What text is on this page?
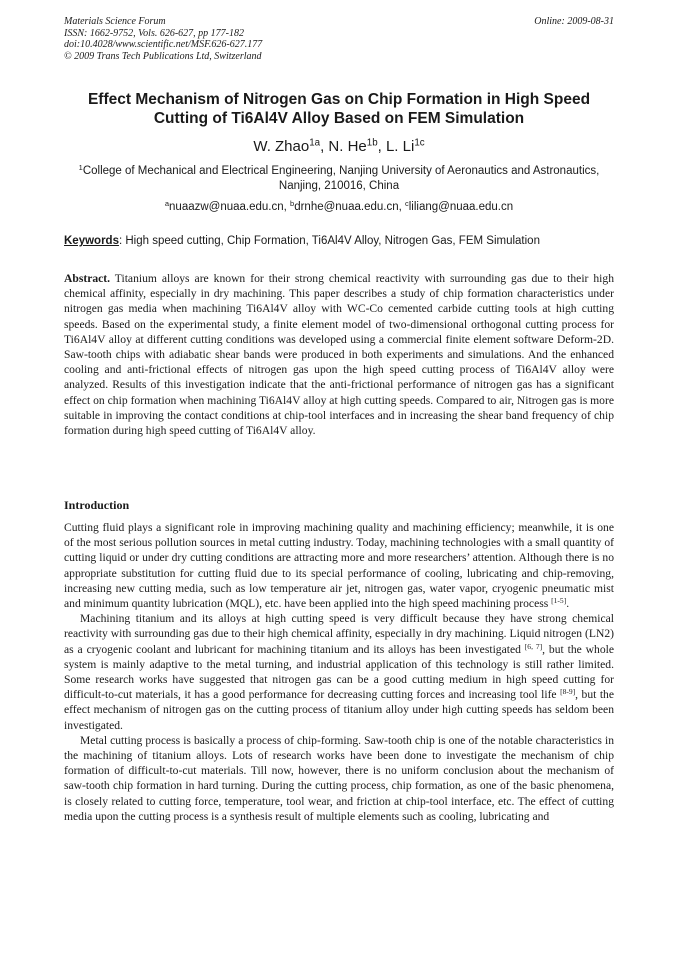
Materials Science Forum
ISSN: 1662-9752, Vols. 626-627, pp 177-182
doi:10.4028/www.scientific.net/MSF.626-627.177
© 2009 Trans Tech Publications Ltd, Switzerland
Online: 2009-08-31
Effect Mechanism of Nitrogen Gas on Chip Formation in High Speed Cutting of Ti6Al4V Alloy Based on FEM Simulation
W. Zhao$^{1a}$, N. $He^{1b}$, L. $Li^{1c}$
$^1$College of Mechanical and Electrical Engineering, Nanjing University of Aeronautics and Astronautics, Nanjing, 210016, China
$^a$nuaazw@nuaa.edu.cn, $^b$drnhe@nuaa.edu.cn, $^c$liliang@nuaa.edu.cn
Keywords: High speed cutting, Chip Formation, Ti6Al4V Alloy, Nitrogen Gas, FEM Simulation
Abstract. Titanium alloys are known for their strong chemical reactivity with surrounding gas due to their high chemical affinity, especially in dry machining. This paper describes a study of chip formation characteristics under nitrogen gas media when machining Ti6Al4V alloy with WC-Co cemented carbide cutting tools at high cutting speeds. Based on the experimental study, a finite element model of two-dimensional orthogonal cutting process for Ti6Al4V alloy at different cutting conditions was developed using a commercial finite element software Deform-2D. Saw-tooth chips with adiabatic shear bands were produced in both experiments and simulations. And the enhanced cooling and anti-frictional effects of nitrogen gas upon the high speed cutting process of Ti6Al4V alloy were analyzed. Results of this investigation indicate that the anti-frictional performance of nitrogen gas has a significant effect on chip formation when machining Ti6Al4V alloy at high cutting speeds. Compared to air, Nitrogen gas is more suitable in improving the contact conditions at chip-tool interfaces and in increasing the shear band frequency of chip formation during high speed cutting of Ti6Al4V alloy.
Introduction

Cutting fluid plays a significant role in improving machining quality and machining efficiency; meanwhile, it is one of the most serious pollution sources in metal cutting industry. Today, machining technologies with a small quantity of cutting liquid or under dry cutting conditions are attracting more and more researchers’ attention. Although there is no appropriate substitution for cutting fluid due to its special performance of cooling, lubricating and chip-removing, increasing new cutting media, such as low temperature air jet, nitrogen gas, water vapor, cryogenic pneumatic mist and minimum quantity lubrication (MQL), etc. have been applied into the high speed machining process [1-5].

Machining titanium and its alloys at high cutting speed is very difficult because they have strong chemical reactivity with surrounding gas due to their high chemical affinity, especially in dry machining. Liquid nitrogen (LN2) as a cryogenic coolant and lubricant for machining titanium and its alloys has been investigated [6, 7], but the whole system is mainly adaptive to the metal turning, and industrial application of this technology is still rather limited. Some research works have suggested that nitrogen gas can be a good cutting medium in high speed cutting for difficult-to-cut materials, it has a good performance for decreasing cutting forces and increasing tool life [8-9], but the effect mechanism of nitrogen gas on the cutting process of titanium alloy under high cutting speeds has seldom been investigated.

Metal cutting process is basically a process of chip-forming. Saw-tooth chip is one of the notable characteristics in the machining of titanium alloys. Lots of research works have been done to investigate the mechanism of chip formation of difficult-to-cut materials. Till now, however, there is no uniform conclusion about the mechanism of saw-tooth chip formation in hard turning. During the cutting process, chip formation, as one of the basic phenomena, is closely related to cutting force, temperature, tool wear, and friction at chip-tool interface, etc. The effect of cutting media upon the cutting process is a synthesis result of multiple elements such as cooling, lubricating and
